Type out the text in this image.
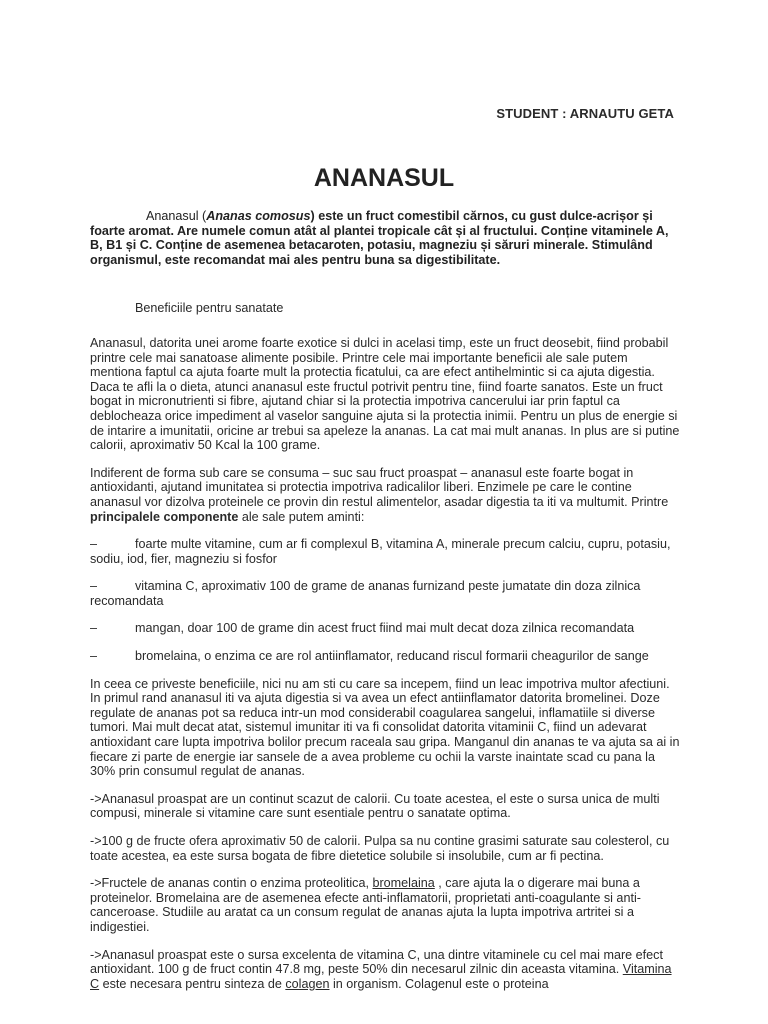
STUDENT : ARNAUTU GETA
ANANASUL

Ananasul (Ananas comosus) este un fruct comestibil cărnos, cu gust dulce-acrișor și foarte aromat. Are numele comun atât al plantei tropicale cât și al fructului. Conține vitaminele A, B, B1 și C. Conține de asemenea betacaroten, potasiu, magneziu și săruri minerale. Stimulând organismul, este recomandat mai ales pentru buna sa digestibilitate.

Beneficiile pentru sanatate

Ananasul, datorita unei arome foarte exotice si dulci in acelasi timp, este un fruct deosebit, fiind probabil printre cele mai sanatoase alimente posibile. Printre cele mai importante beneficii ale sale putem mentiona faptul ca ajuta foarte mult la protectia ficatului, ca are efect antihelmintic si ca ajuta digestia. Daca te afli la o dieta, atunci ananasul este fructul potrivit pentru tine, fiind foarte sanatos. Este un fruct bogat in micronutrienti si fibre, ajutand chiar si la protectia impotriva cancerului iar prin faptul ca deblocheaza orice impediment al vaselor sanguine ajuta si la protectia inimii. Pentru un plus de energie si de intarire a imunitatii, oricine ar trebui sa apeleze la ananas. La cat mai mult ananas. In plus are si putine calorii, aproximativ 50 Kcal la 100 grame.

Indiferent de forma sub care se consuma – suc sau fruct proaspat – ananasul este foarte bogat in antioxidanti, ajutand imunitatea si protectia impotriva radicalilor liberi. Enzimele pe care le contine ananasul vor dizolva proteinele ce provin din restul alimentelor, asadar digestia ta iti va multumit. Printre principalele componente ale sale putem aminti:

–	foarte multe vitamine, cum ar fi complexul B, vitamina A, minerale precum calciu, cupru, potasiu, sodiu, iod, fier, magneziu si fosfor

–	vitamina C, aproximativ 100 de grame de ananas furnizand peste jumatate din doza zilnica recomandata

–	mangan, doar 100 de grame din acest fruct fiind mai mult decat doza zilnica recomandata

–	bromelaina, o enzima ce are rol antiinflamator, reducand riscul formarii cheagurilor de sange

In ceea ce priveste beneficiile, nici nu am sti cu care sa incepem, fiind un leac impotriva multor afectiuni. In primul rand ananasul iti va ajuta digestia si va avea un efect antiinflamator datorita bromelinei. Doze regulate de ananas pot sa reduca intr-un mod considerabil coagularea sangelui, inflamatiile si diverse tumori. Mai mult decat atat, sistemul imunitar iti va fi consolidat datorita vitaminii C, fiind un adevarat antioxidant care lupta impotriva bolilor precum raceala sau gripa. Manganul din ananas te va ajuta sa ai in fiecare zi parte de energie iar sansele de a avea probleme cu ochii la varste inaintate scad cu pana la 30% prin consumul regulat de ananas.

->Ananasul proaspat are un continut scazut de calorii. Cu toate acestea, el este o sursa unica de multi compusi, minerale si vitamine care sunt esentiale pentru o sanatate optima.

->100 g de fructe ofera aproximativ 50 de calorii. Pulpa sa nu contine grasimi saturate sau colesterol, cu toate acestea, ea este sursa bogata de fibre dietetice solubile si insolubile, cum ar fi pectina.

->Fructele de ananas contin o enzima proteolitica, bromelaina , care ajuta la o digerare mai buna a proteinelor. Bromelaina are de asemenea efecte anti-inflamatorii, proprietati anti-coagulante si anti-canceroase. Studiile au aratat ca un consum regulat de ananas ajuta la lupta impotriva artritei si a indigestiei.

->Ananasul proaspat este o sursa excelenta de vitamina C, una dintre vitaminele cu cel mai mare efect antioxidant. 100 g de fruct contin 47.8 mg, peste 50% din necesarul zilnic din aceasta vitamina. Vitamina C este necesara pentru sinteza de colagen in organism. Colagenul este o proteina
